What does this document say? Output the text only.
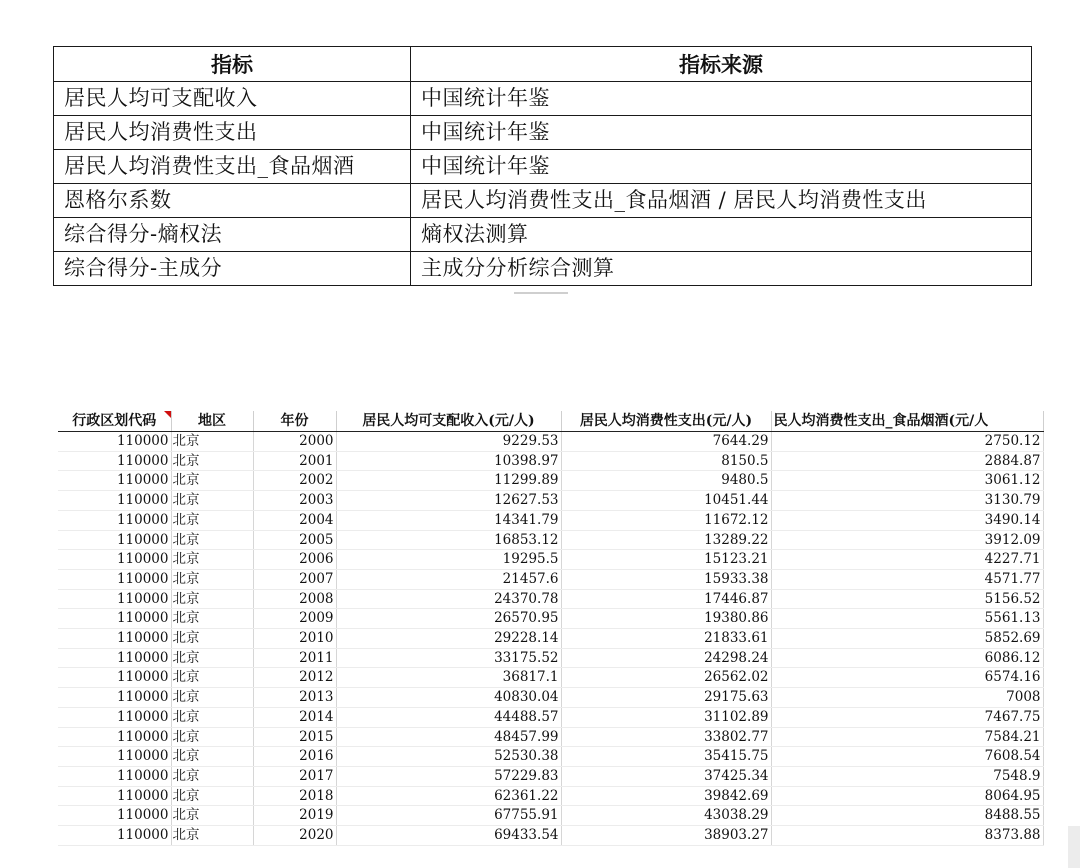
指标	指标来源
居民人均可支配收入	中国统计年鉴
居民人均消费性支出	中国统计年鉴
居民人均消费性支出_食品烟酒	中国统计年鉴
恩格尔系数	居民人均消费性支出_食品烟酒 / 居民人均消费性支出
综合得分-熵权法	熵权法测算
综合得分-主成分	主成分分析综合测算
行政区划代码	地区	年份	居民人均可支配收入(元/人)	居民人均消费性支出(元/人)	民人均消费性支出_食品烟酒(元/人
110000	北京	2000	9229.53	7644.29	2750.12
110000	北京	2001	10398.97	8150.5	2884.87
110000	北京	2002	11299.89	9480.5	3061.12
110000	北京	2003	12627.53	10451.44	3130.79
110000	北京	2004	14341.79	11672.12	3490.14
110000	北京	2005	16853.12	13289.22	3912.09
110000	北京	2006	19295.5	15123.21	4227.71
110000	北京	2007	21457.6	15933.38	4571.77
110000	北京	2008	24370.78	17446.87	5156.52
110000	北京	2009	26570.95	19380.86	5561.13
110000	北京	2010	29228.14	21833.61	5852.69
110000	北京	2011	33175.52	24298.24	6086.12
110000	北京	2012	36817.1	26562.02	6574.16
110000	北京	2013	40830.04	29175.63	7008
110000	北京	2014	44488.57	31102.89	7467.75
110000	北京	2015	48457.99	33802.77	7584.21
110000	北京	2016	52530.38	35415.75	7608.54
110000	北京	2017	57229.83	37425.34	7548.9
110000	北京	2018	62361.22	39842.69	8064.95
110000	北京	2019	67755.91	43038.29	8488.55
110000	北京	2020	69433.54	38903.27	8373.88
